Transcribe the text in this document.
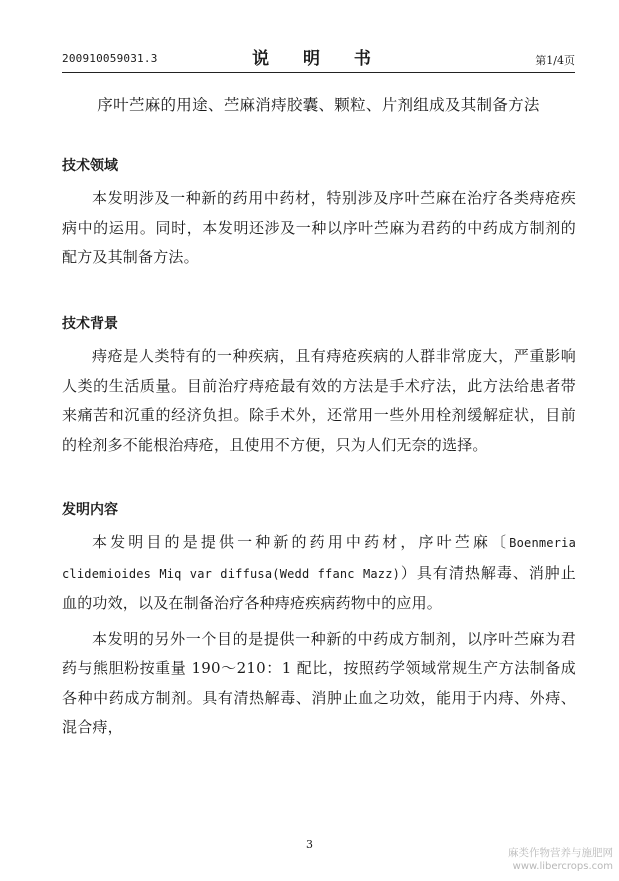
200910059031.3	说 明 书	第1/4页
序叶苎麻的用途、苎麻消痔胶囊、颗粒、片剂组成及其制备方法
技术领域

本发明涉及一种新的药用中药材，特别涉及序叶苎麻在治疗各类痔疮疾病中的运用。同时，本发明还涉及一种以序叶苎麻为君药的中药成方制剂的配方及其制备方法。

技术背景

痔疮是人类特有的一种疾病，且有痔疮疾病的人群非常庞大，严重影响人类的生活质量。目前治疗痔疮最有效的方法是手术疗法，此方法给患者带来痛苦和沉重的经济负担。除手术外，还常用一些外用栓剂缓解症状，目前的栓剂多不能根治痔疮，且使用不方便，只为人们无奈的选择。

发明内容

本发明目的是提供一种新的药用中药材，序叶苎麻〔Boenmeria clidemioides Miq var diffusa(Wedd ffanc Mazz)）具有清热解毒、消肿止血的功效，以及在制备治疗各种痔疮疾病药物中的应用。

本发明的另外一个目的是提供一种新的中药成方制剂，以序叶苎麻为君药与熊胆粉按重量 190～210：1 配比，按照药学领域常规生产方法制备成各种中药成方制剂。具有清热解毒、消肿止血之功效，能用于内痔、外痔、混合痔，

3
麻类作物营养与施肥网
www.libercrops.com
